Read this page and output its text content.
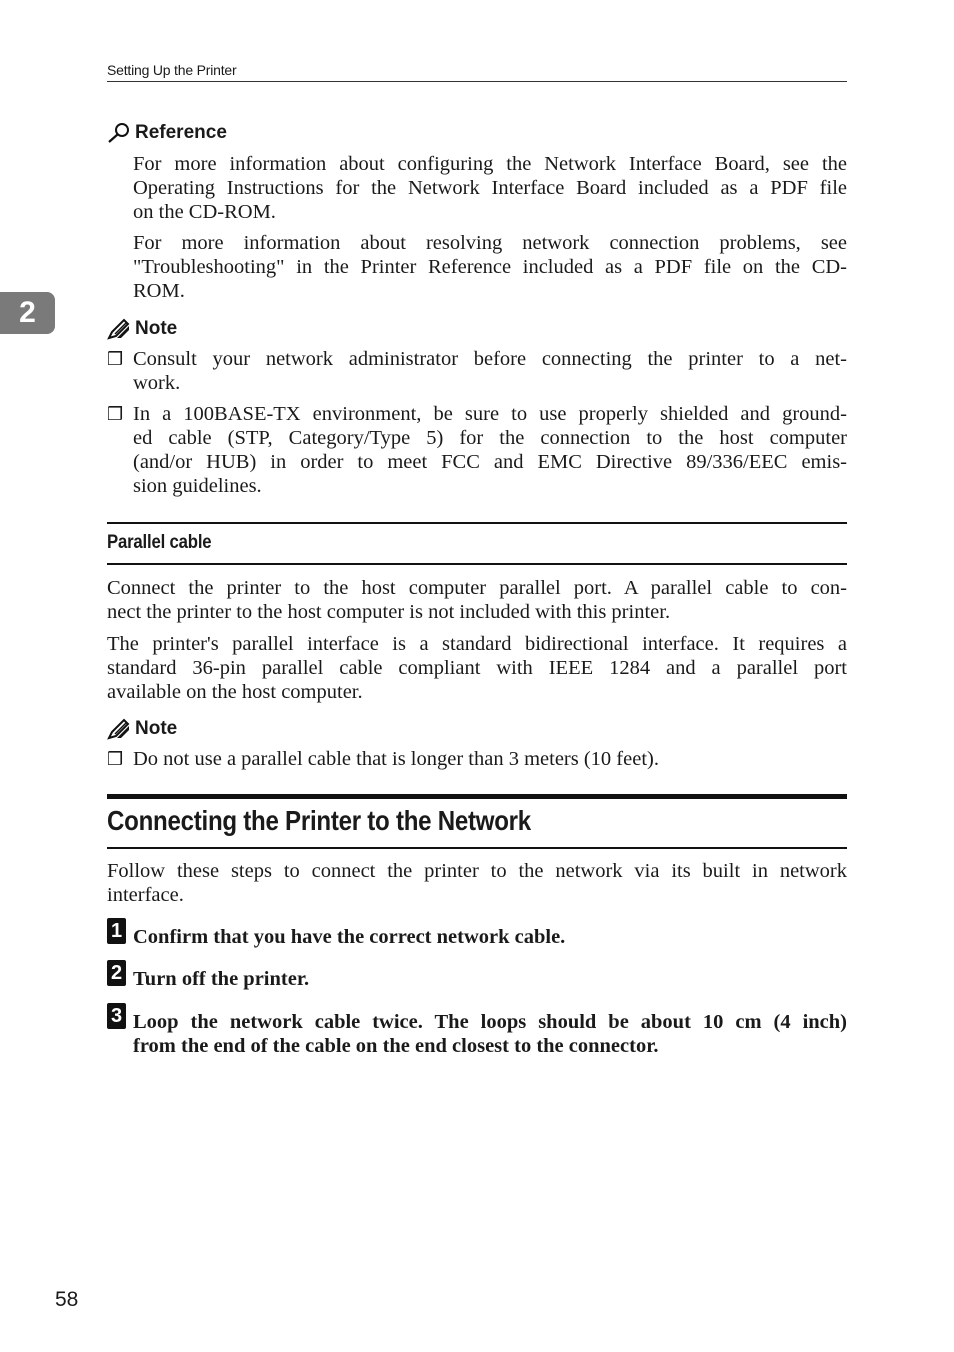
Setting Up the Printer
2
Reference
For more information about configuring the Network Interface Board, see the
Operating Instructions for the Network Interface Board included as a PDF file
on the CD-ROM.
For more information about resolving network connection problems, see
"Troubleshooting" in the Printer Reference included as a PDF file on the CD-
ROM.
Note
❒ Consult your network administrator before connecting the printer to a net-
work.
❒ In a 100BASE-TX environment, be sure to use properly shielded and ground-
ed cable (STP, Category/Type 5) for the connection to the host computer
(and/or HUB) in order to meet FCC and EMC Directive 89/336/EEC emis-
sion guidelines.
Parallel cable
Connect the printer to the host computer parallel port. A parallel cable to con-
nect the printer to the host computer is not included with this printer.
The printer's parallel interface is a standard bidirectional interface. It requires a
standard 36-pin parallel cable compliant with IEEE 1284 and a parallel port
available on the host computer.
Note
❒ Do not use a parallel cable that is longer than 3 meters (10 feet).
Connecting the Printer to the Network
Follow these steps to connect the printer to the network via its built in network
interface.
1 Confirm that you have the correct network cable.
2 Turn off the printer.
3 Loop the network cable twice. The loops should be about 10 cm (4 inch)
from the end of the cable on the end closest to the connector.
58
